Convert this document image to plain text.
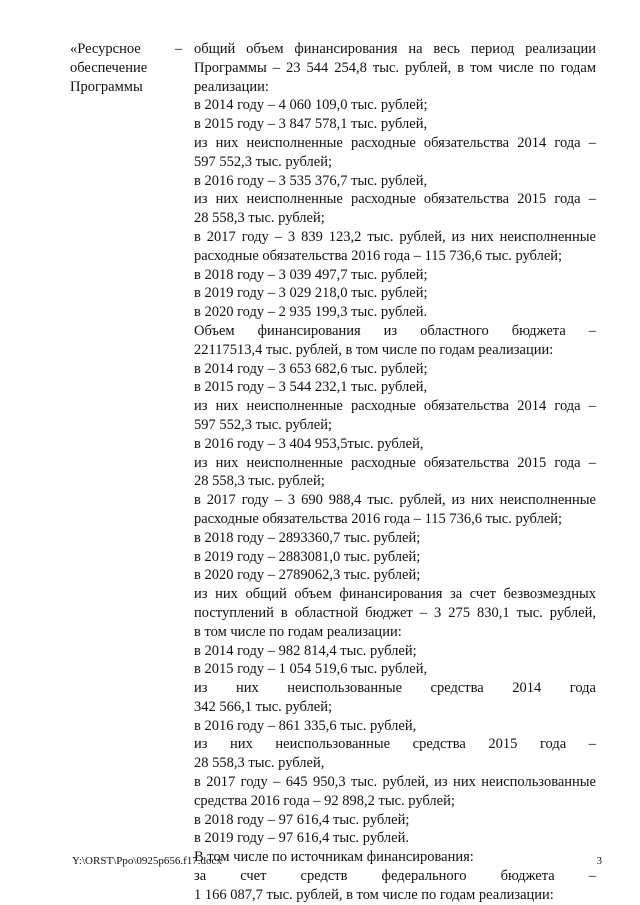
«Ресурсное
обеспечение
Программы
– общий объем финансирования на весь период реализации
Программы – 23 544 254,8 тыс. рублей, в том числе по годам
реализации:
в 2014 году – 4 060 109,0 тыс. рублей;
в 2015 году – 3 847 578,1 тыс. рублей,
из них неисполненные расходные обязательства 2014 года –
597 552,3 тыс. рублей;
в 2016 году – 3 535 376,7 тыс. рублей,
из них неисполненные расходные обязательства 2015 года –
28 558,3 тыс. рублей;
в 2017 году – 3 839 123,2 тыс. рублей, из них неисполненные
расходные обязательства 2016 года – 115 736,6 тыс. рублей;
в 2018 году – 3 039 497,7 тыс. рублей;
в 2019 году – 3 029 218,0 тыс. рублей;
в 2020 году – 2 935 199,3 тыс. рублей.
Объем финансирования из областного бюджета –
22117513,4 тыс. рублей, в том числе по годам реализации:
в 2014 году – 3 653 682,6 тыс. рублей;
в 2015 году – 3 544 232,1 тыс. рублей,
из них неисполненные расходные обязательства 2014 года –
597 552,3 тыс. рублей;
в 2016 году – 3 404 953,5тыс. рублей,
из них неисполненные расходные обязательства 2015 года –
28 558,3 тыс. рублей;
в 2017 году – 3 690 988,4 тыс. рублей, из них неисполненные
расходные обязательства 2016 года – 115 736,6 тыс. рублей;
в 2018 году – 2893360,7 тыс. рублей;
в 2019 году – 2883081,0 тыс. рублей;
в 2020 году – 2789062,3 тыс. рублей;
из них общий объем финансирования за счет безвозмездных
поступлений в областной бюджет – 3 275 830,1 тыс. рублей,
в том числе по годам реализации:
в 2014 году – 982 814,4 тыс. рублей;
в 2015 году – 1 054 519,6 тыс. рублей,
из них неиспользованные средства 2014 года
342 566,1 тыс. рублей;
в 2016 году – 861 335,6 тыс. рублей,
из них неиспользованные средства 2015 года –
28 558,3 тыс. рублей,
в 2017 году – 645 950,3 тыс. рублей, из них неиспользованные
средства 2016 года – 92 898,2 тыс. рублей;
в 2018 году – 97 616,4 тыс. рублей;
в 2019 году – 97 616,4 тыс. рублей.
В том числе по источникам финансирования:
за счет средств федерального бюджета –
1 166 087,7 тыс. рублей, в том числе по годам реализации:
Y:\ORST\Ppo\0925p656.f17.docx	3
